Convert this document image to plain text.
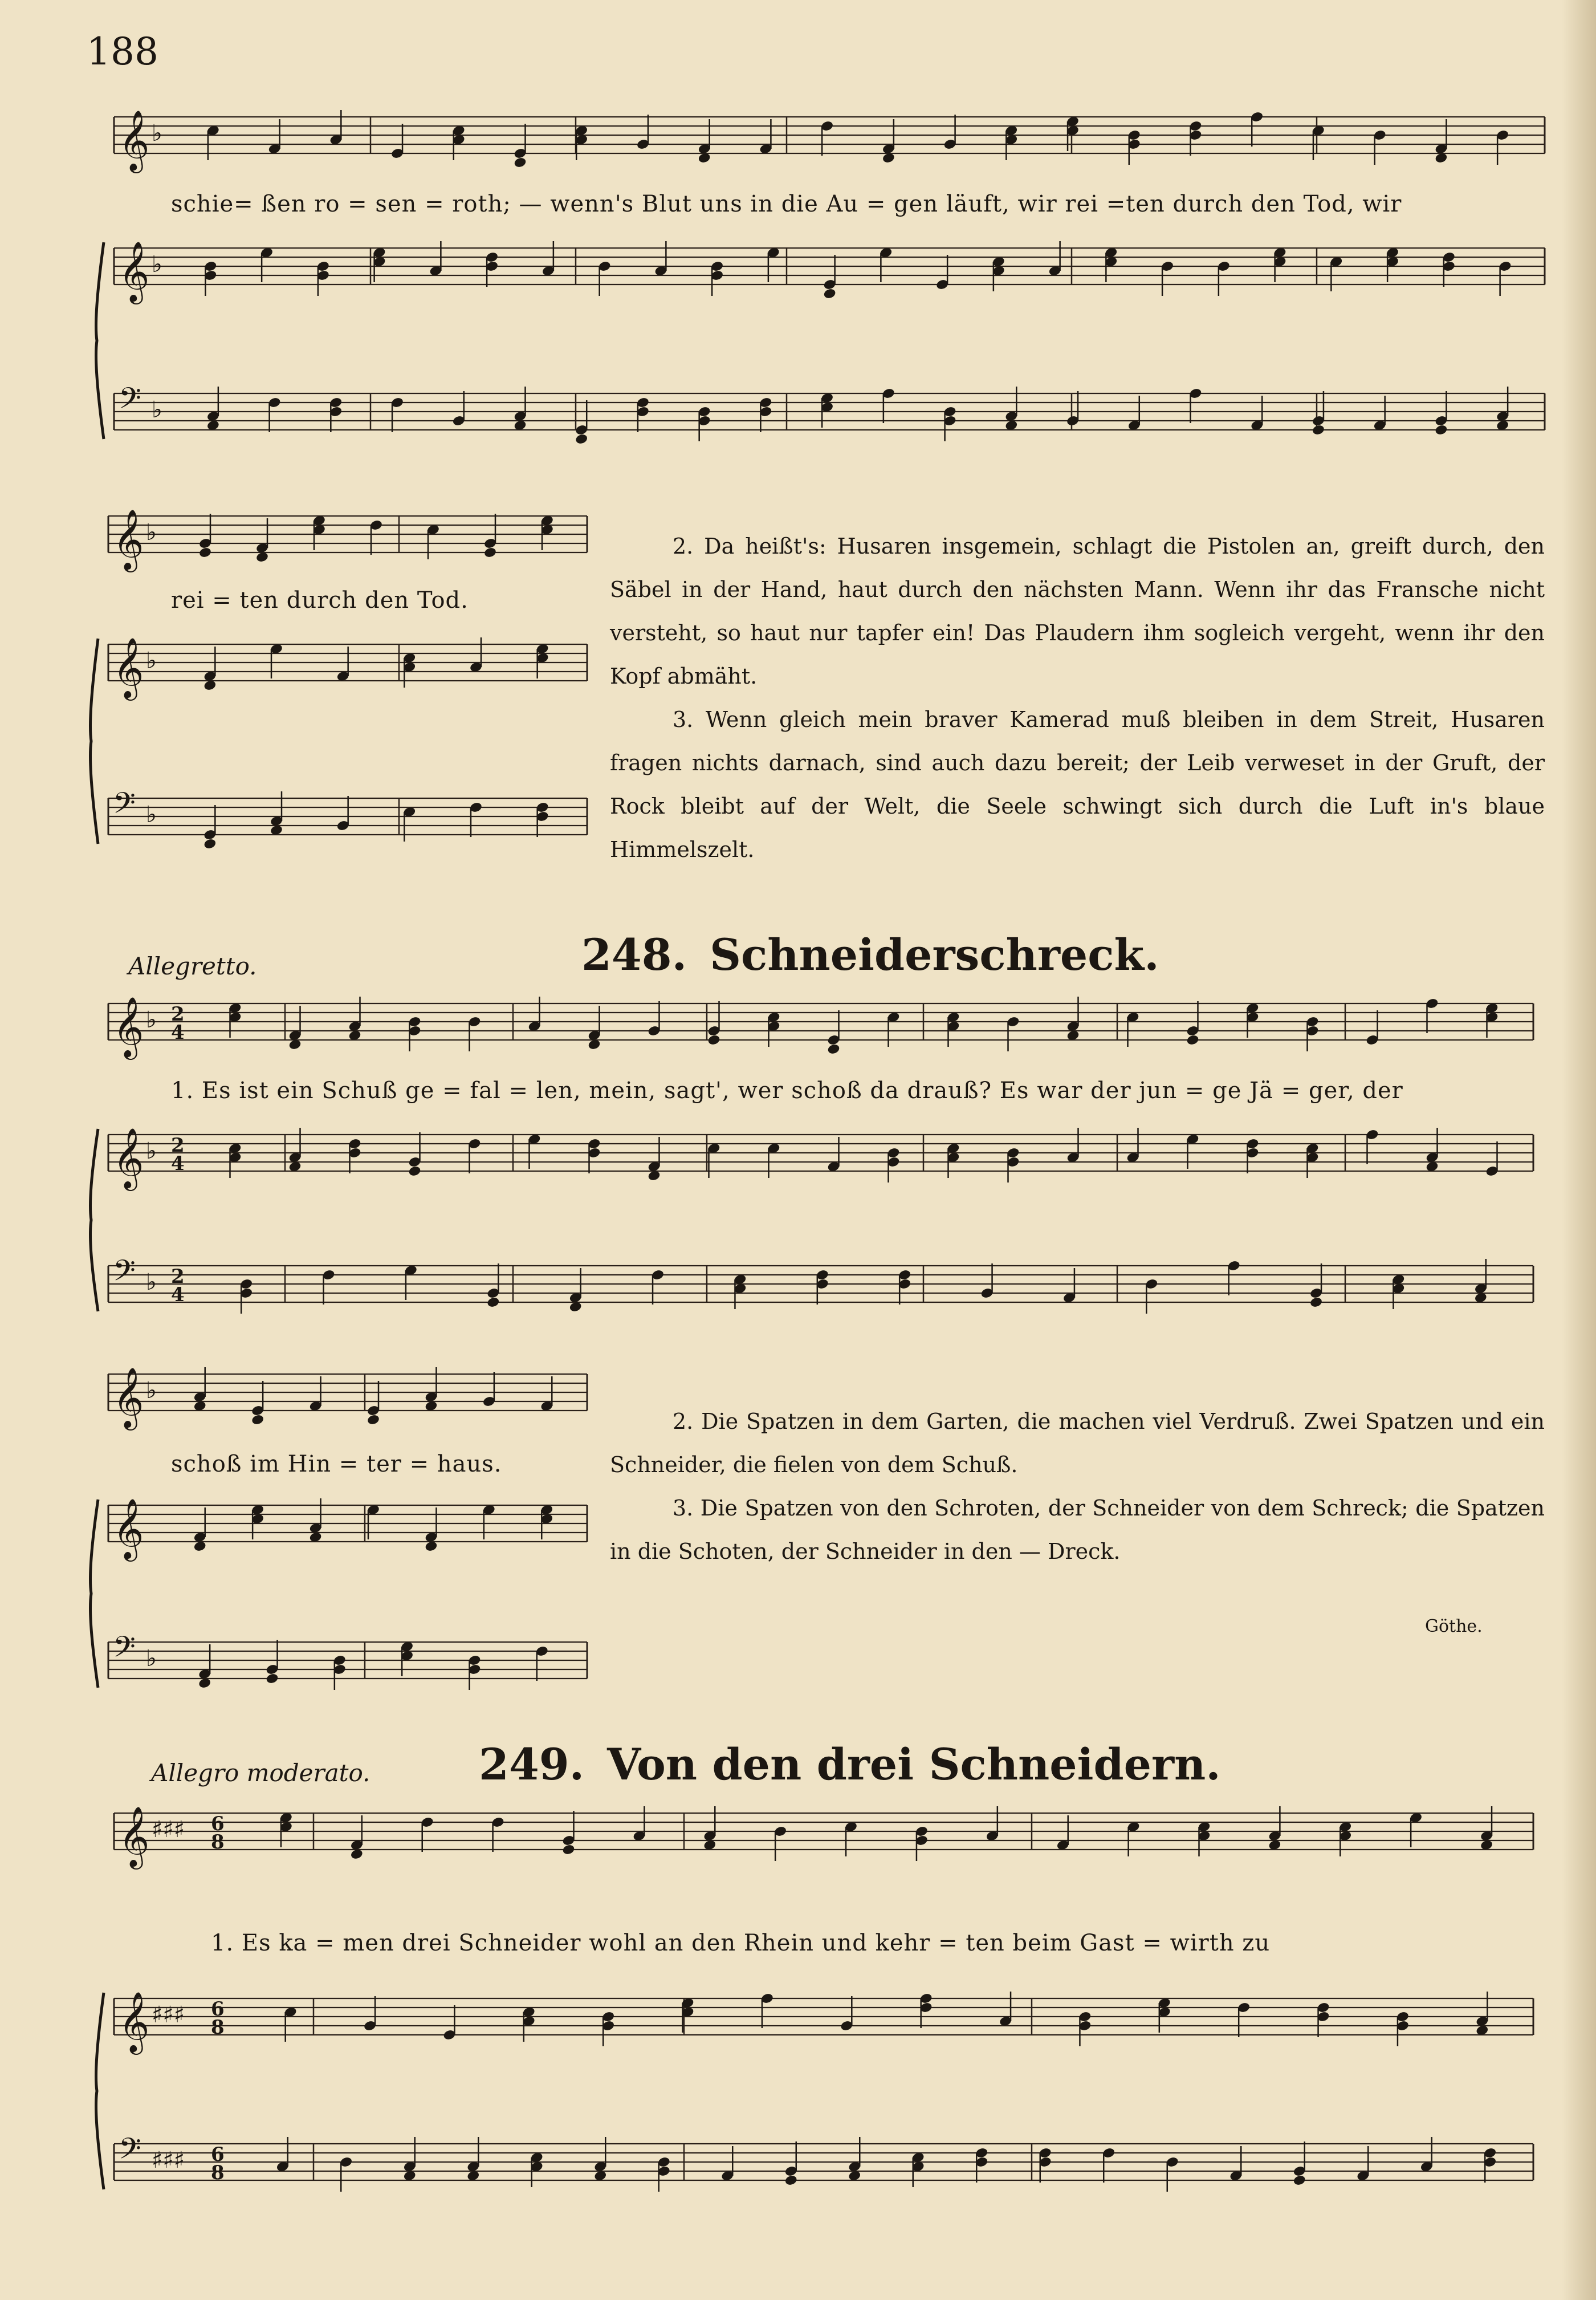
188
𝄞 ♭
𝄞 ♭
𝄢 ♭
𝄞 ♭
𝄞 ♭
𝄢 ♭
𝄞 ♭ 2
4
𝄞 ♭ 2
4
𝄢 ♭ 2
4
𝄞 ♭
𝄞
𝄢 ♭
𝄞 ♯♯♯ 6
8
𝄞 ♯♯♯ 6
8
𝄢 ♯♯♯ 6
8
schie= ßen ro = sen = roth; — wenn's Blut uns in die Au = gen läuft, wir rei =ten durch den Tod, wir
rei = ten durch den Tod.

2. Da heißt's: Husaren insgemein, schlagt die Pistolen an, greift durch, den Säbel in der Hand, haut durch den nächsten Mann. Wenn ihr das Fransche nicht versteht, so haut nur tapfer ein! Das Plaudern ihm sogleich vergeht, wenn ihr den Kopf abmäht.

3. Wenn gleich mein braver Kamerad muß bleiben in dem Streit, Husaren fragen nichts darnach, sind auch dazu bereit; der Leib verweset in der Gruft, der Rock bleibt auf der Welt, die Seele schwingt sich durch die Luft in's blaue Himmelszelt.

Allegretto.	248. Schneiderschreck.
1. Es ist ein Schuß ge = fal = len, mein, sagt', wer schoß da drauß? Es war der jun = ge Jä = ger, der
schoß im Hin = ter = haus.

2. Die Spatzen in dem Garten, die machen viel Verdruß. Zwei Spatzen und ein Schneider, die fielen von dem Schuß.

3. Die Spatzen von den Schroten, der Schneider von dem Schreck; die Spatzen in die Schoten, der Schneider in den — Dreck.

Göthe.
Allegro moderato.	249. Von den drei Schneidern.
1. Es ka = men drei Schneider wohl an den Rhein und kehr = ten beim Gast = wirth zu
